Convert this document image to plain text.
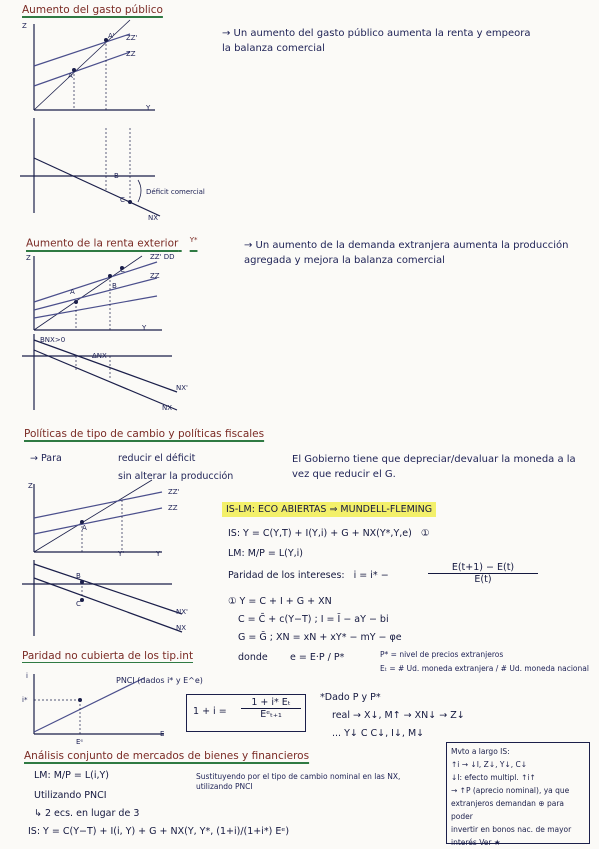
Aumento del gasto público
Z
A' ZZ'
ZZ
A
Y
→ Un aumento del gasto público aumenta la renta y empeora la balanza comercial
B
C
Déficit comercial
NX
Aumento de la renta exterior $^{Y*}$
Z	ZZ' DD
ZZ
C
B
A
Y
→ Un aumento de la demanda extranjera aumenta la producción agregada y mejora la balanza comercial
BNX>0
ΔNX
NX'
NX
Políticas de tipo de cambio y políticas fiscales
→ Para	reducir el déficit
sin alterar la producción
El Gobierno tiene que depreciar/devaluar la moneda a la vez que reducir el G.
Z
ZZ'
ZZ
A
Y'	Y
B
C
NX'
NX
IS-LM: ECO ABIERTAS ⇒ MUNDELL-FLEMING
IS: Y = C(Y,T) + I(Y,i) + G + NX(Y*,Y,e) ①
LM: M/P = L(Y,i)
Paridad de los intereses: i = i* −	$\frac{E(t+1) - E(t)}{E(t)}$
① Y = C + I + G + XN
C = C̄ + c(Y−T) ; I = Ī − aY − bi
G = Ḡ ; XN = xN + xY* − mY − φe
donde e = E·P / P*	P* = nivel de precios extranjeros
Eₜ = # Ud. moneda extranjera / # Ud. moneda nacional
Paridad no cubierta de los tip.int
i
i*
Eᵉ
E
PNCI (dados i* y E^e)
1 + i =
1 + i* Eₜ
Eᵉₜ₊₁
*Dado P y P*
real → X↓, M↑ → XN↓ → Z↓
... Y↓ C C↓, I↓, M↓
Análisis conjunto de mercados de bienes y financieros
LM: M/P = L(i,Y)
Utilizando PNCI
Sustituyendo por el tipo de cambio nominal en las NX, utilizando PNCI
↳ 2 ecs. en lugar de 3
IS: Y = C(Y−T) + I(i, Y) + G + NX(Y, Y*, (1+i)/(1+i*) Eᵉ)
Mvto a largo IS:
↑i → ↓I, Z↓, Y↓, C↓
↓I: efecto multipl. ↑i↑
→ ↑P (aprecio nominal), ya que
extranjeros demandan ⊕ para poder
invertir en bonos nac. de mayor
interés Ver ★
